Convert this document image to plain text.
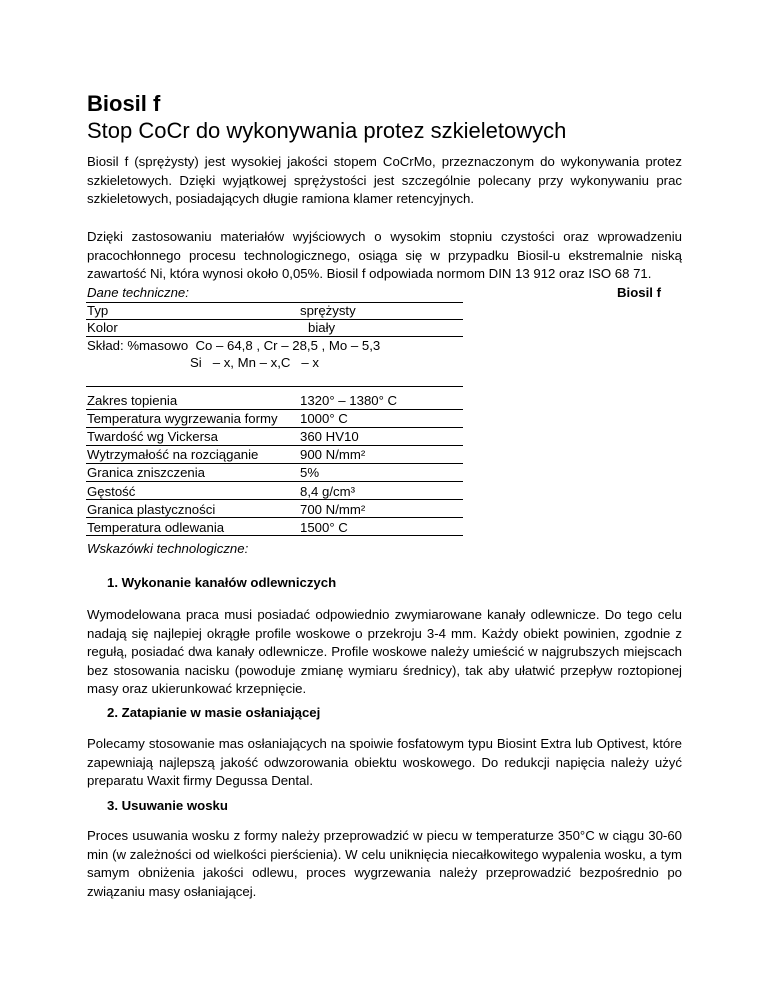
Biosil f
Stop CoCr do wykonywania protez szkieletowych
Biosil f (sprężysty) jest wysokiej jakości stopem CoCrMo, przeznaczonym do wykonywania protez szkieletowych. Dzięki wyjątkowej sprężystości jest szczególnie polecany przy wykonywaniu prac szkieletowych, posiadających długie ramiona klamer retencyjnych.
Dzięki zastosowaniu materiałów wyjściowych o wysokim stopniu czystości oraz wprowadzeniu pracochłonnego procesu technologicznego, osiąga się w przypadku Biosil-u ekstremalnie niską zawartość Ni, która wynosi około 0,05%. Biosil f odpowiada normom DIN 13 912 oraz ISO 68 71.
Dane techniczne:	Biosil f
Typ	sprężysty
Kolor	biały
Skład: %masowo  Co – 64,8 , Cr – 28,5 , Mo – 5,3
Si   – x, Mn – x,C   – x
Zakres topienia	1320° – 1380° C
Temperatura wygrzewania formy 1000° C
Twardość wg Vickersa	360 HV10
Wytrzymałość na rozciąganie	900 N/mm²
Granica zniszczenia	5%
Gęstość	8,4 g/cm³
Granica plastyczności	700 N/mm²
Temperatura odlewania	1500° C
Wskazówki technologiczne:
1. Wykonanie kanałów odlewniczych
Wymodelowana praca musi posiadać odpowiednio zwymiarowane kanały odlewnicze. Do tego celu nadają się najlepiej okrągłe profile woskowe o przekroju 3-4 mm. Każdy obiekt powinien, zgodnie z regułą, posiadać dwa kanały odlewnicze. Profile woskowe należy umieścić w najgrubszych miejscach bez stosowania nacisku (powoduje zmianę wymiaru średnicy), tak aby ułatwić przepływ roztopionej masy oraz ukierunkować krzepnięcie.
2. Zatapianie w masie osłaniającej
Polecamy stosowanie mas osłaniających na spoiwie fosfatowym typu Biosint Extra lub Optivest, które zapewniają najlepszą jakość odwzorowania obiektu woskowego. Do redukcji napięcia należy użyć preparatu Waxit firmy Degussa Dental.
3. Usuwanie wosku
Proces usuwania wosku z formy należy przeprowadzić w piecu w temperaturze 350°C w ciągu 30-60 min (w zależności od wielkości pierścienia). W celu uniknięcia niecałkowitego wypalenia wosku, a tym samym obniżenia jakości odlewu, proces wygrzewania należy przeprowadzić bezpośrednio po związaniu masy osłaniającej.
